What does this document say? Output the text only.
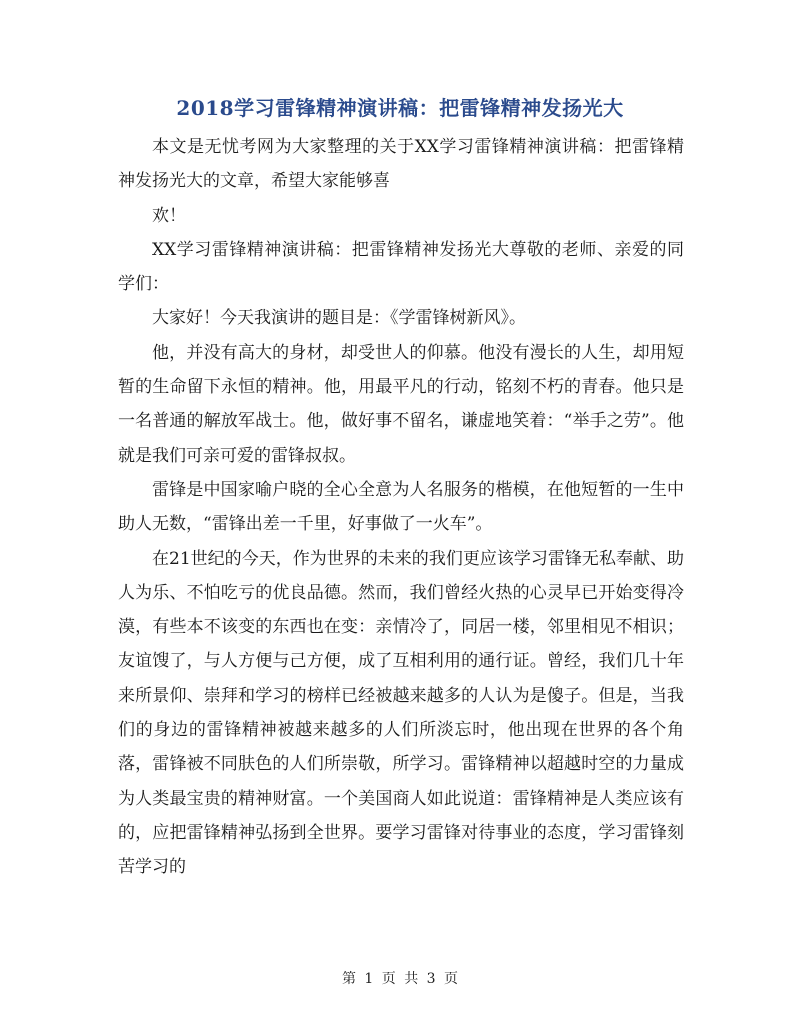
2018学习雷锋精神演讲稿：把雷锋精神发扬光大

本文是无忧考网为大家整理的关于XX学习雷锋精神演讲稿：把雷锋精神发扬光大的文章，希望大家能够喜

欢！

XX学习雷锋精神演讲稿：把雷锋精神发扬光大尊敬的老师、亲爱的同学们：

大家好！今天我演讲的题目是：《学雷锋树新风》。

他，并没有高大的身材，却受世人的仰慕。他没有漫长的人生，却用短暂的生命留下永恒的精神。他，用最平凡的行动，铭刻不朽的青春。他只是一名普通的解放军战士。他，做好事不留名，谦虚地笑着：“举手之劳”。他就是我们可亲可爱的雷锋叔叔。

雷锋是中国家喻户晓的全心全意为人名服务的楷模，在他短暂的一生中助人无数，“雷锋出差一千里，好事做了一火车”。

在21世纪的今天，作为世界的未来的我们更应该学习雷锋无私奉献、助人为乐、不怕吃亏的优良品德。然而，我们曾经火热的心灵早已开始变得冷漠，有些本不该变的东西也在变：亲情冷了，同居一楼，邻里相见不相识；友谊馊了，与人方便与己方便，成了互相利用的通行证。曾经，我们几十年来所景仰、崇拜和学习的榜样已经被越来越多的人认为是傻子。但是，当我们的身边的雷锋精神被越来越多的人们所淡忘时，他出现在世界的各个角落，雷锋被不同肤色的人们所崇敬，所学习。雷锋精神以超越时空的力量成为人类最宝贵的精神财富。一个美国商人如此说道：雷锋精神是人类应该有的，应把雷锋精神弘扬到全世界。要学习雷锋对待事业的态度，学习雷锋刻苦学习的

第 1 页 共 3 页
